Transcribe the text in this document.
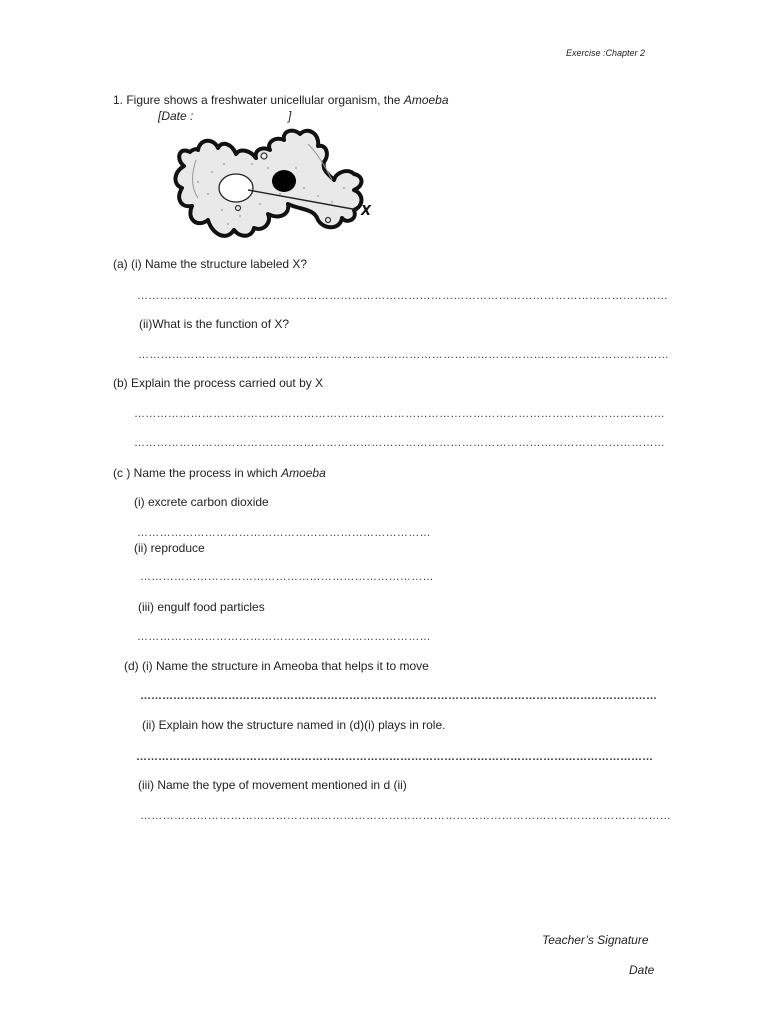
Exercise :Chapter 2
1. Figure shows a freshwater unicellular organism, the Amoeba
[Date :	]
X
(a) (i) Name the structure labeled X?
……………………………………………………………………………………………………………………………
(ii)What is the function of X?
……………………………………………………………………………………………………………………………
(b) Explain the process carried out by X
……………………………………………………………………………………………………………………………
……………………………………………………………………………………………………………………………
(c ) Name the process in which Amoeba
(i) excrete carbon dioxide
……………………………………………………………………
(ii) reproduce
……………………………………………………………………
(iii) engulf food particles
……………………………………………………………………
(d) (i) Name the structure in Ameoba that helps it to move
……………………………………………………………………………………………………………………………
(ii) Explain how the structure named in (d)(i) plays in role.
……………………………………………………………………………………………………………………………
(iii) Name the type of movement mentioned in d (ii)
……………………………………………………………………………………………………………………………
Teacher’s Signature
Date
